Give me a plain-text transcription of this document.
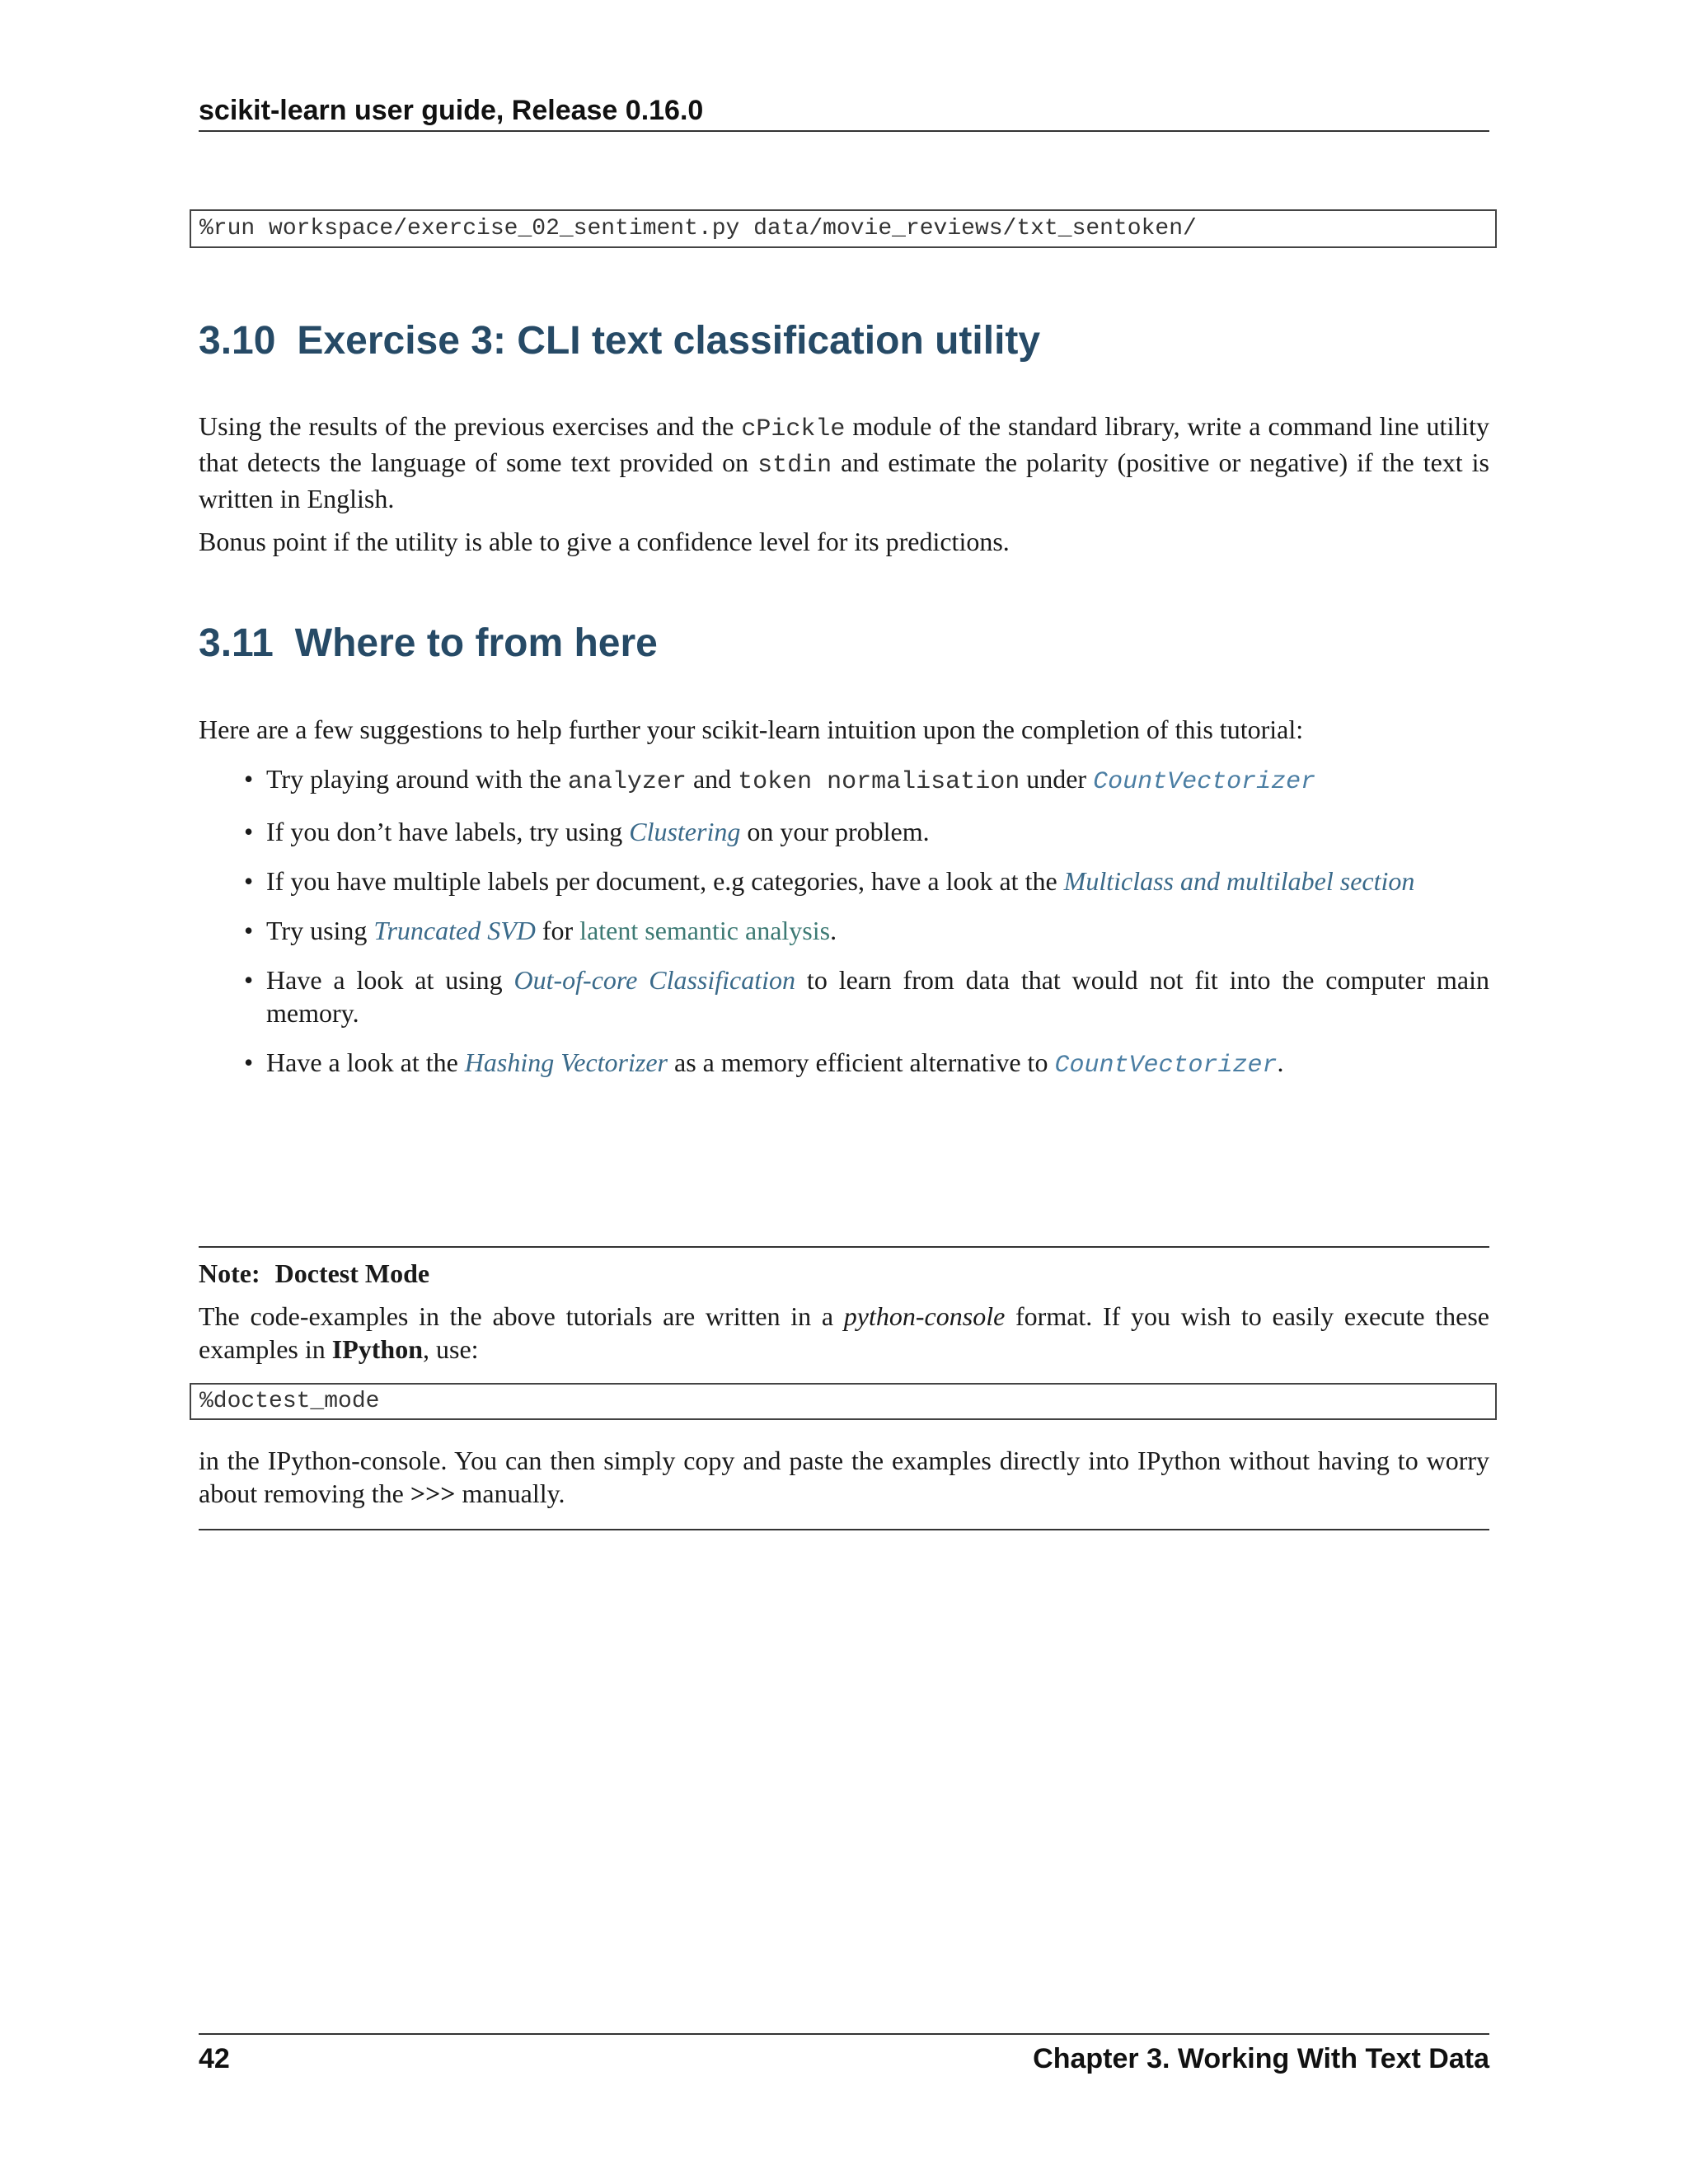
scikit-learn user guide, Release 0.16.0
%run workspace/exercise_02_sentiment.py data/movie_reviews/txt_sentoken/
3.10 Exercise 3: CLI text classification utility

Using the results of the previous exercises and the cPickle module of the standard library, write a command line utility that detects the language of some text provided on stdin and estimate the polarity (positive or negative) if the text is written in English.

Bonus point if the utility is able to give a confidence level for its predictions.

3.11 Where to from here

Here are a few suggestions to help further your scikit-learn intuition upon the completion of this tutorial:

• Try playing around with the analyzer and token normalisation under CountVectorizer
• If you don’t have labels, try using Clustering on your problem.
• If you have multiple labels per document, e.g categories, have a look at the Multiclass and multilabel section
• Try using Truncated SVD for latent semantic analysis.
• Have a look at using Out-of-core Classification to learn from data that would not fit into the computer main memory.
• Have a look at the Hashing Vectorizer as a memory efficient alternative to CountVectorizer.
Note: Doctest Mode

The code-examples in the above tutorials are written in a python-console format. If you wish to easily execute these examples in IPython, use:

%doctest_mode

in the IPython-console. You can then simply copy and paste the examples directly into IPython without having to worry about removing the >>> manually.

42	Chapter 3. Working With Text Data
